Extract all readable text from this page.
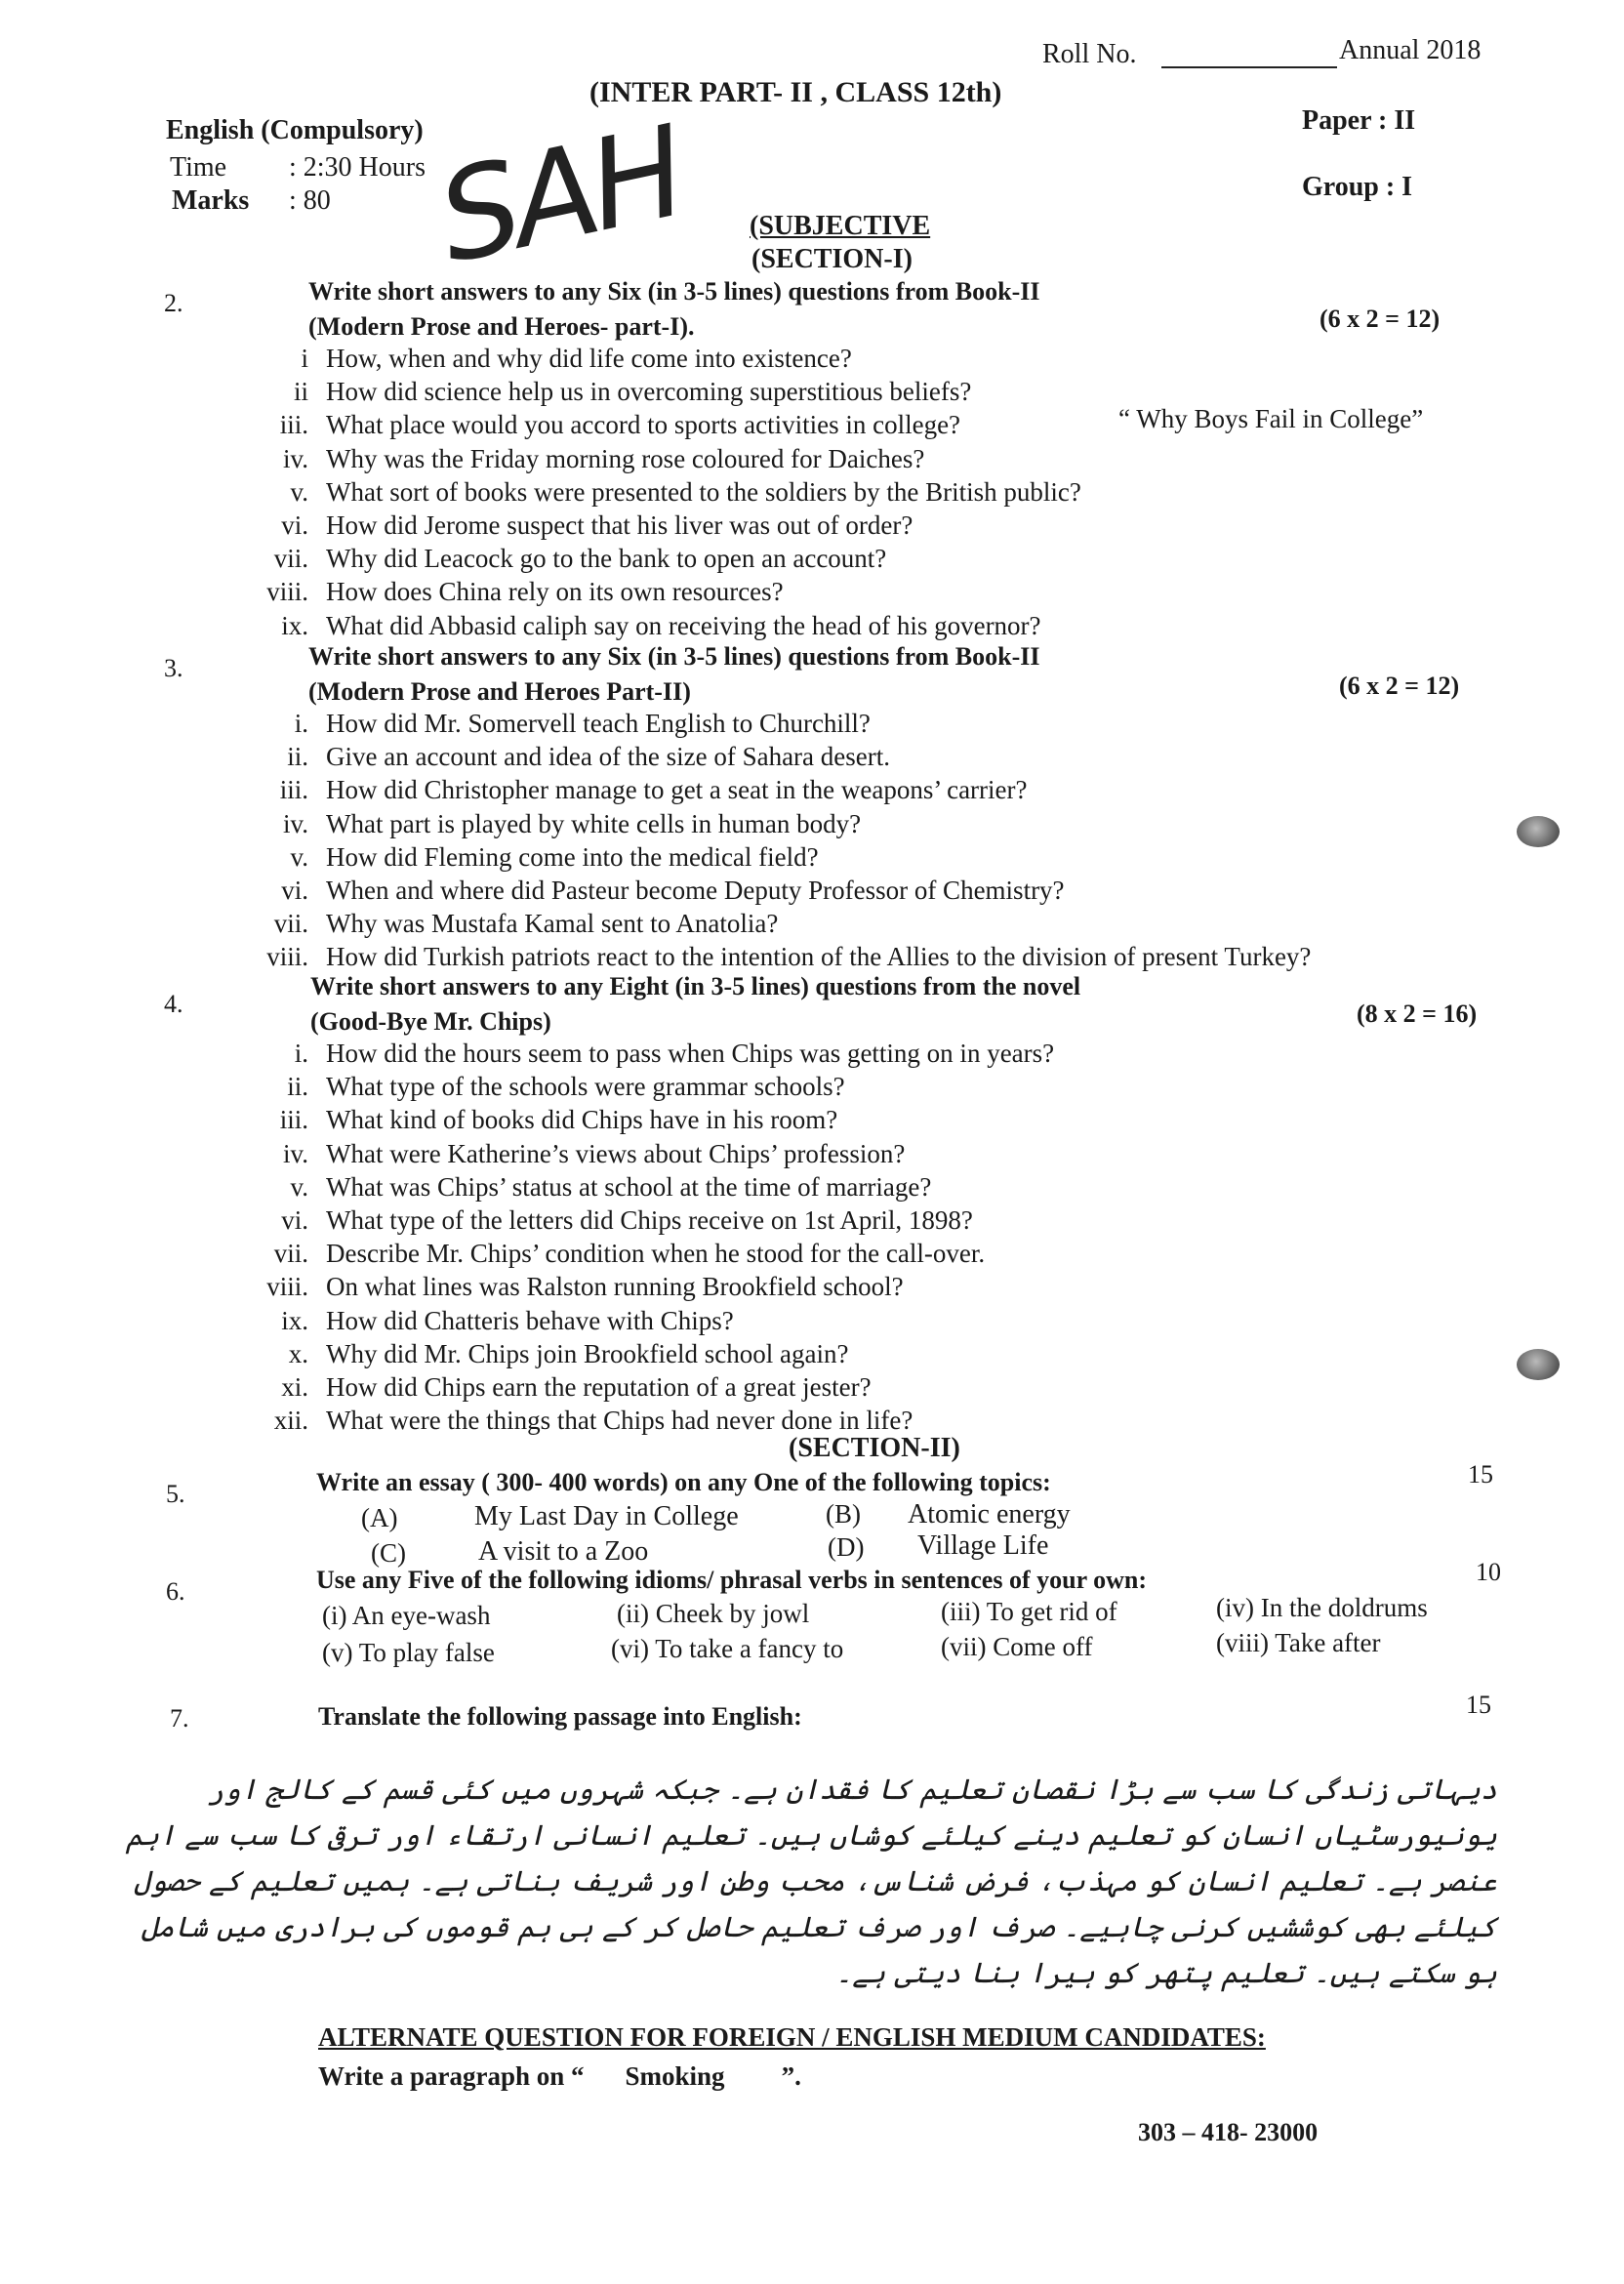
Roll No.	Annual 2018
(INTER PART- II , CLASS 12th)
English (Compulsory)
Time : 2:30 Hours
Marks : 80
Paper : II
Group : I
SAH (SUBJECTIVE
(SECTION-I)
2.	Write short answers to any Six (in 3-5 lines) questions from Book-II
(Modern Prose and Heroes- part-I).	(6 x 2 = 12)
“ Why Boys Fail in College”
i How, when and why did life come into existence?
ii How did science help us in overcoming superstitious beliefs?
iii. What place would you accord to sports activities in college?
iv. Why was the Friday morning rose coloured for Daiches?
v. What sort of books were presented to the soldiers by the British public?
vi. How did Jerome suspect that his liver was out of order?
vii. Why did Leacock go to the bank to open an account?
viii. How does China rely on its own resources?
ix. What did Abbasid caliph say on receiving the head of his governor?
3.	Write short answers to any Six (in 3-5 lines) questions from Book-II
(Modern Prose and Heroes Part-II)	(6 x 2 = 12)
i. How did Mr. Somervell teach English to Churchill?
ii. Give an account and idea of the size of Sahara desert.
iii. How did Christopher manage to get a seat in the weapons’ carrier?
iv. What part is played by white cells in human body?
v. How did Fleming come into the medical field?
vi. When and where did Pasteur become Deputy Professor of Chemistry?
vii. Why was Mustafa Kamal sent to Anatolia?
viii. How did Turkish patriots react to the intention of the Allies to the division of present Turkey?
4.
Write short answers to any Eight (in 3-5 lines) questions from the novel
(Good-Bye Mr. Chips)	(8 x 2 = 16)
i. How did the hours seem to pass when Chips was getting on in years?
ii. What type of the schools were grammar schools?
iii. What kind of books did Chips have in his room?
iv. What were Katherine’s views about Chips’ profession?
v. What was Chips’ status at school at the time of marriage?
vi. What type of the letters did Chips receive on 1st April, 1898?
vii. Describe Mr. Chips’ condition when he stood for the call-over.
viii. On what lines was Ralston running Brookfield school?
ix. How did Chatteris behave with Chips?
x. Why did Mr. Chips join Brookfield school again?
xi. How did Chips earn the reputation of a great jester?
xii. What were the things that Chips had never done in life?
(SECTION-II)
5.	Write an essay ( 300- 400 words) on any One of the following topics:	15
(A)	My Last Day in College	(B) Atomic energy
(C)	A visit to a Zoo	(D) Village Life
6.	Use any Five of the following idioms/ phrasal verbs in sentences of your own:	10
(i) An eye-wash	(ii) Cheek by jowl	(iii) To get rid of	(iv) In the doldrums
(v) To play false	(vi) To take a fancy to	(vii) Come off	(viii) Take after
7.	Translate the following passage into English:	15
دیہاتی زندگی کا سب سے بڑا نقصان تعلیم کا فقدان ہے۔ جبکہ شہروں میں کئی قسم کے کالج اور یونیورسٹیاں انسان کو تعلیم دینے کیلئے کوشاں ہیں۔ تعلیم انسانی ارتقاء اور ترقی کا سب سے اہم عنصر ہے۔ تعلیم انسان کو مہذب، فرض شناس، محب وطن اور شریف بناتی ہے۔ ہمیں تعلیم کے حصول کیلئے بھی کوششیں کرنی چاہیے۔ صرف اور صرف تعلیم حاصل کر کے ہی ہم قوموں کی برادری میں شامل ہو سکتے ہیں۔ تعلیم پتھر کو ہیرا بنا دیتی ہے۔
ALTERNATE QUESTION FOR FOREIGN / ENGLISH MEDIUM CANDIDATES:
Write a paragraph on “ Smoking ”.
303 – 418- 23000
